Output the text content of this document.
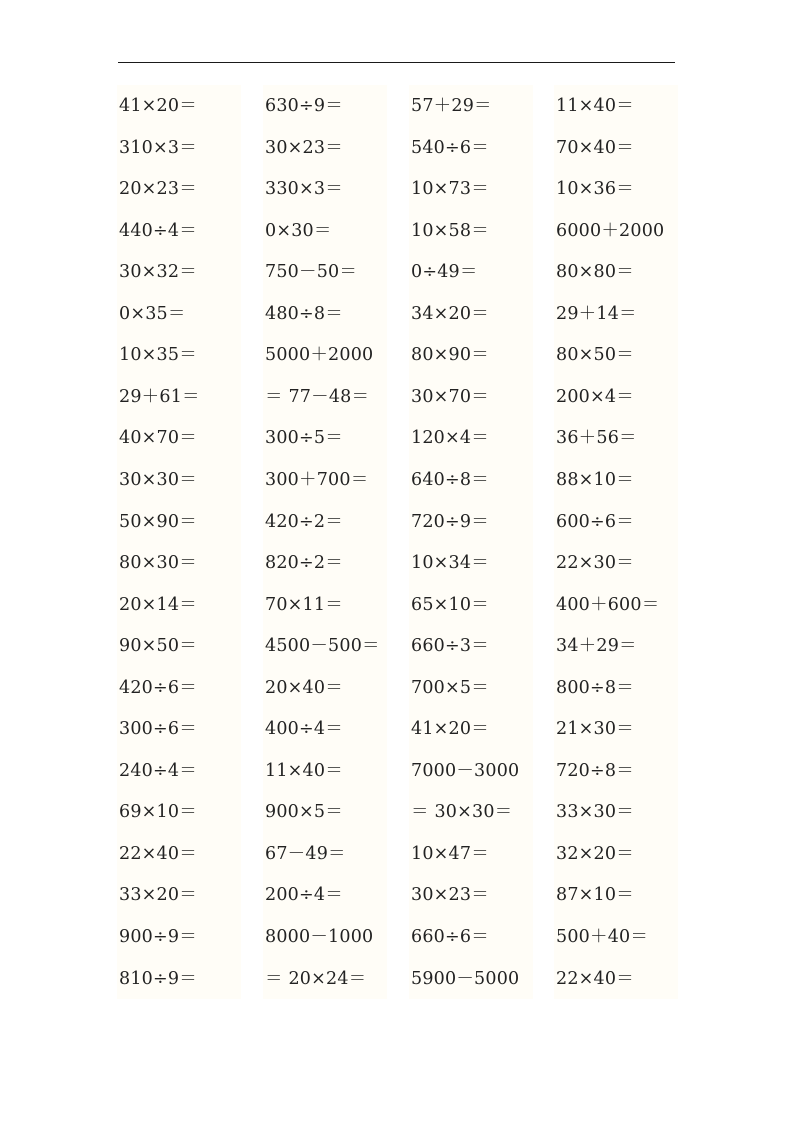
41×20＝
310×3＝
20×23＝
440÷4＝
30×32＝
0×35＝
10×35＝
29＋61＝
40×70＝
30×30＝
50×90＝
80×30＝
20×14＝
90×50＝
420÷6＝
300÷6＝
240÷4＝
69×10＝
22×40＝
33×20＝
900÷9＝
810÷9＝
630÷9＝
30×23＝
330×3＝
0×30＝
750－50＝
480÷8＝
5000＋2000
＝ 77－48＝
300÷5＝
300＋700＝
420÷2＝
820÷2＝
70×11＝
4500－500＝
20×40＝
400÷4＝
11×40＝
900×5＝
67－49＝
200÷4＝
8000－1000
＝ 20×24＝
57＋29＝
540÷6＝
10×73＝
10×58＝
0÷49＝
34×20＝
80×90＝
30×70＝
120×4＝
640÷8＝
720÷9＝
10×34＝
65×10＝
660÷3＝
700×5＝
41×20＝
7000－3000
＝ 30×30＝
10×47＝
30×23＝
660÷6＝
5900－5000
11×40＝
70×40＝
10×36＝
6000＋2000
80×80＝
29＋14＝
80×50＝
200×4＝
36＋56＝
88×10＝
600÷6＝
22×30＝
400＋600＝
34＋29＝
800÷8＝
21×30＝
720÷8＝
33×30＝
32×20＝
87×10＝
500＋40＝
22×40＝
